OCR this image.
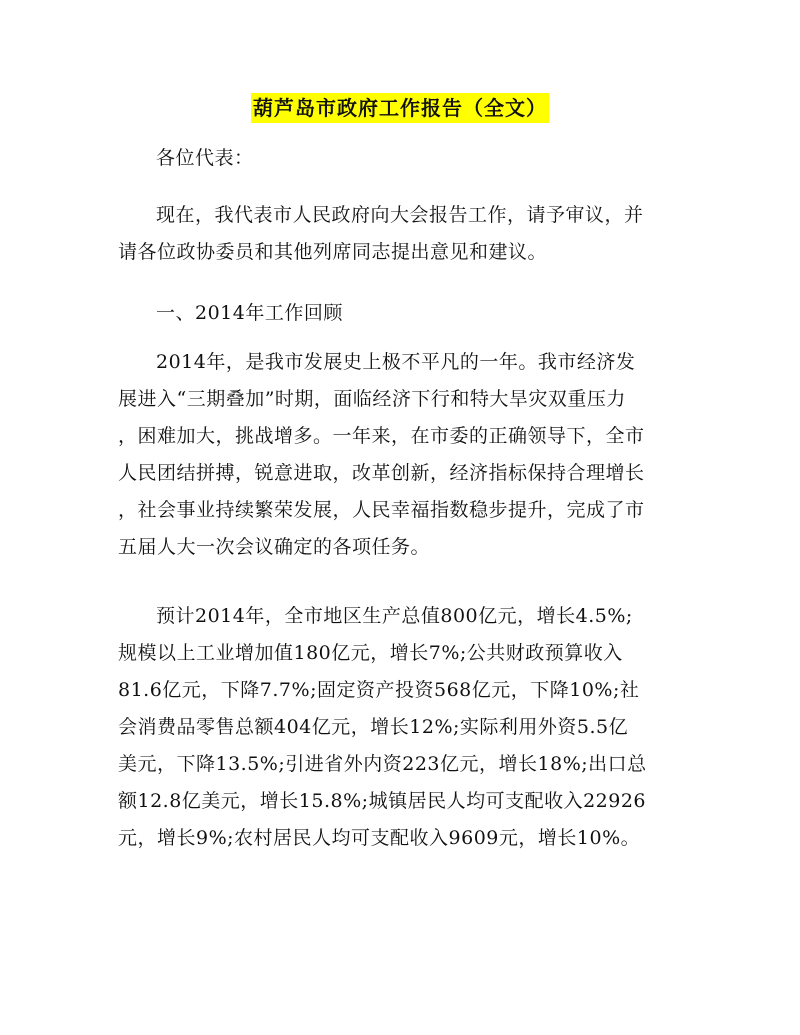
葫芦岛市政府工作报告（全文）
各位代表：
现在，我代表市人民政府向大会报告工作，请予审议，并
请各位政协委员和其他列席同志提出意见和建议。
一、2014年工作回顾
2014年，是我市发展史上极不平凡的一年。我市经济发
展进入“三期叠加”时期，面临经济下行和特大旱灾双重压力
，困难加大，挑战增多。一年来，在市委的正确领导下，全市
人民团结拼搏，锐意进取，改革创新，经济指标保持合理增长
，社会事业持续繁荣发展，人民幸福指数稳步提升，完成了市
五届人大一次会议确定的各项任务。
预计2014年，全市地区生产总值800亿元，增长4.5%;
规模以上工业增加值180亿元，增长7%;公共财政预算收入
81.6亿元，下降7.7%;固定资产投资568亿元，下降10%;社
会消费品零售总额404亿元，增长12%;实际利用外资5.5亿
美元，下降13.5%;引进省外内资223亿元，增长18%;出口总
额12.8亿美元，增长15.8%;城镇居民人均可支配收入22926
元，增长9%;农村居民人均可支配收入9609元，增长10%。
